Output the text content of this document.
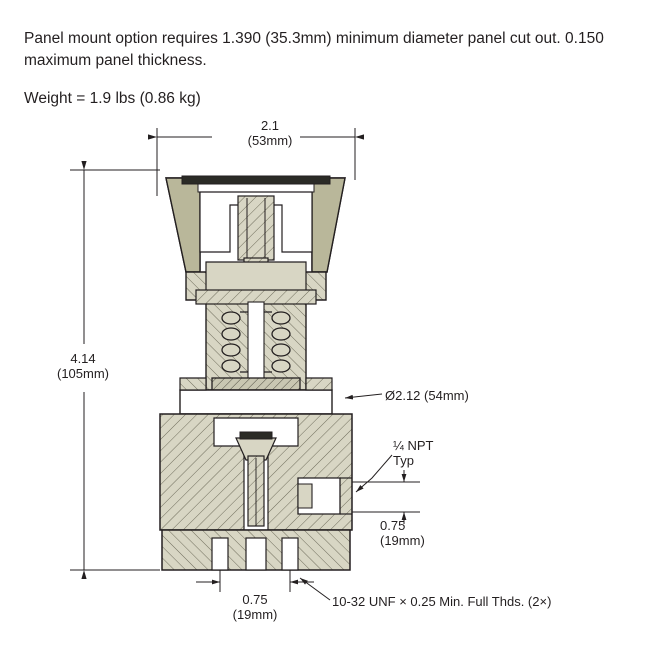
Panel mount option requires 1.390 (35.3mm) minimum diameter panel cut out. 0.150 maximum panel thickness.
Weight = 1.9 lbs (0.86 kg)
2.1
(53mm)
4.14
(105mm)
Ø2.12 (54mm)
¼ NPT
Typ
0.75
(19mm)
0.75
(19mm)
10-32 UNF × 0.25 Min. Full Thds. (2×)
